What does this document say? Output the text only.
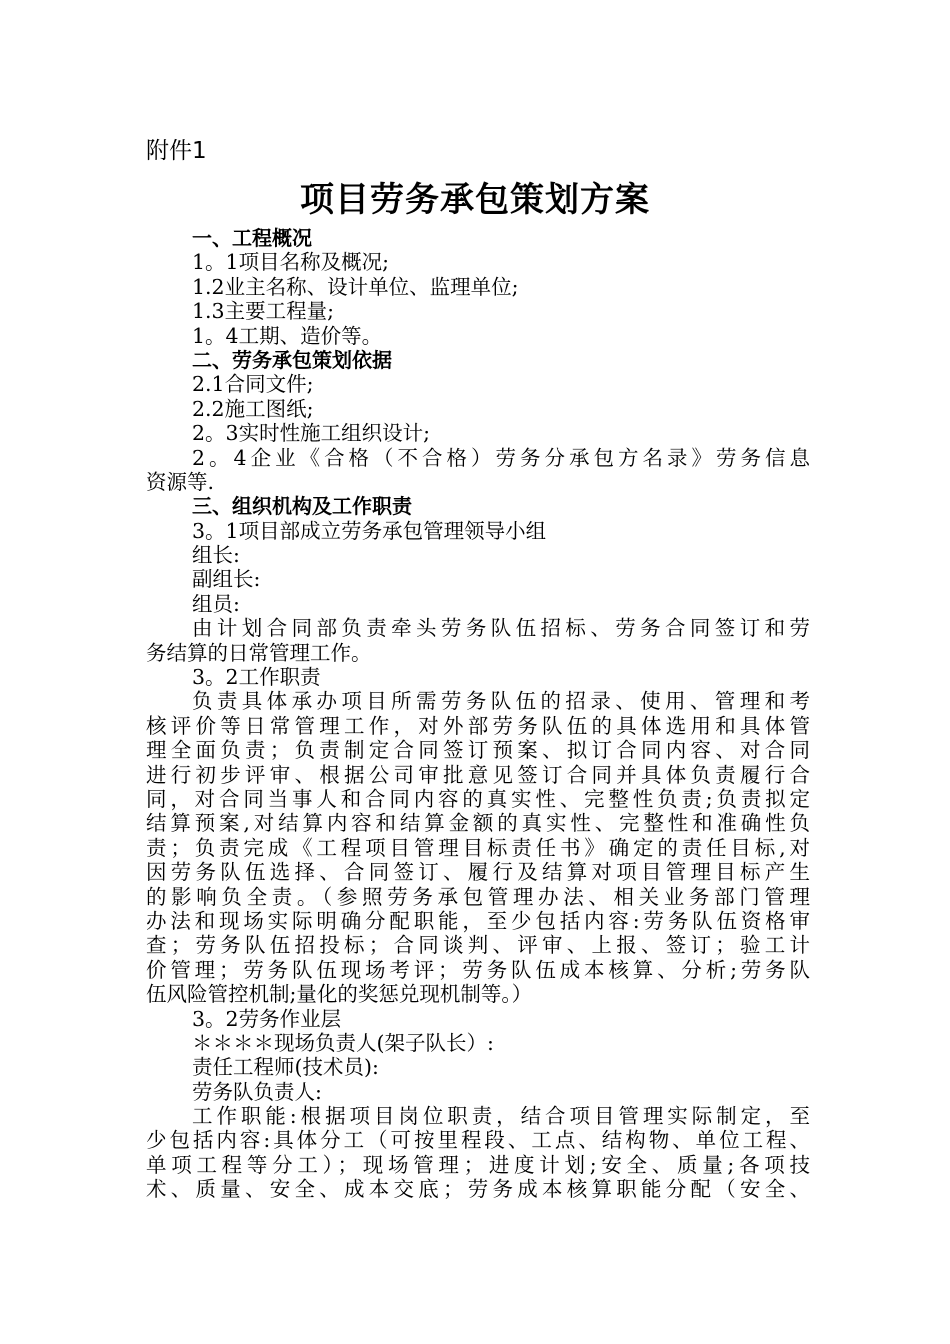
附件1
项目劳务承包策划方案

一、工程概况

1。1项目名称及概况;

1.2业主名称、设计单位、监理单位;

1.3主要工程量;

1。4工期、造价等。

二、劳务承包策划依据

2.1合同文件;

2.2施工图纸;

2。3实时性施工组织设计;

2。4企业《合格（不合格）劳务分承包方名录》劳务信息

资源等.

三、组织机构及工作职责

3。1项目部成立劳务承包管理领导小组

组长:

副组长:

组员:

由计划合同部负责牵头劳务队伍招标、劳务合同签订和劳

务结算的日常管理工作。

3。2工作职责

负责具体承办项目所需劳务队伍的招录、使用、管理和考

核评价等日常管理工作，对外部劳务队伍的具体选用和具体管

理全面负责；负责制定合同签订预案、拟订合同内容、对合同

进行初步评审、根据公司审批意见签订合同并具体负责履行合

同，对合同当事人和合同内容的真实性、完整性负责;负责拟定

结算预案,对结算内容和结算金额的真实性、完整性和准确性负

责；负责完成《工程项目管理目标责任书》确定的责任目标,对

因劳务队伍选择、合同签订、履行及结算对项目管理目标产生

的影响负全责。（参照劳务承包管理办法、相关业务部门管理

办法和现场实际明确分配职能，至少包括内容:劳务队伍资格审

查；劳务队伍招投标；合同谈判、评审、上报、签订；验工计

价管理；劳务队伍现场考评；劳务队伍成本核算、分析;劳务队

伍风险管控机制;量化的奖惩兑现机制等。）

3。2劳务作业层

＊＊＊＊现场负责人(架子队长）:

责任工程师(技术员):

劳务队负责人:

工作职能:根据项目岗位职责，结合项目管理实际制定，至

少包括内容:具体分工（可按里程段、工点、结构物、单位工程、

单项工程等分工）；现场管理；进度计划;安全、质量;各项技

术、质量、安全、成本交底；劳务成本核算职能分配（安全、
